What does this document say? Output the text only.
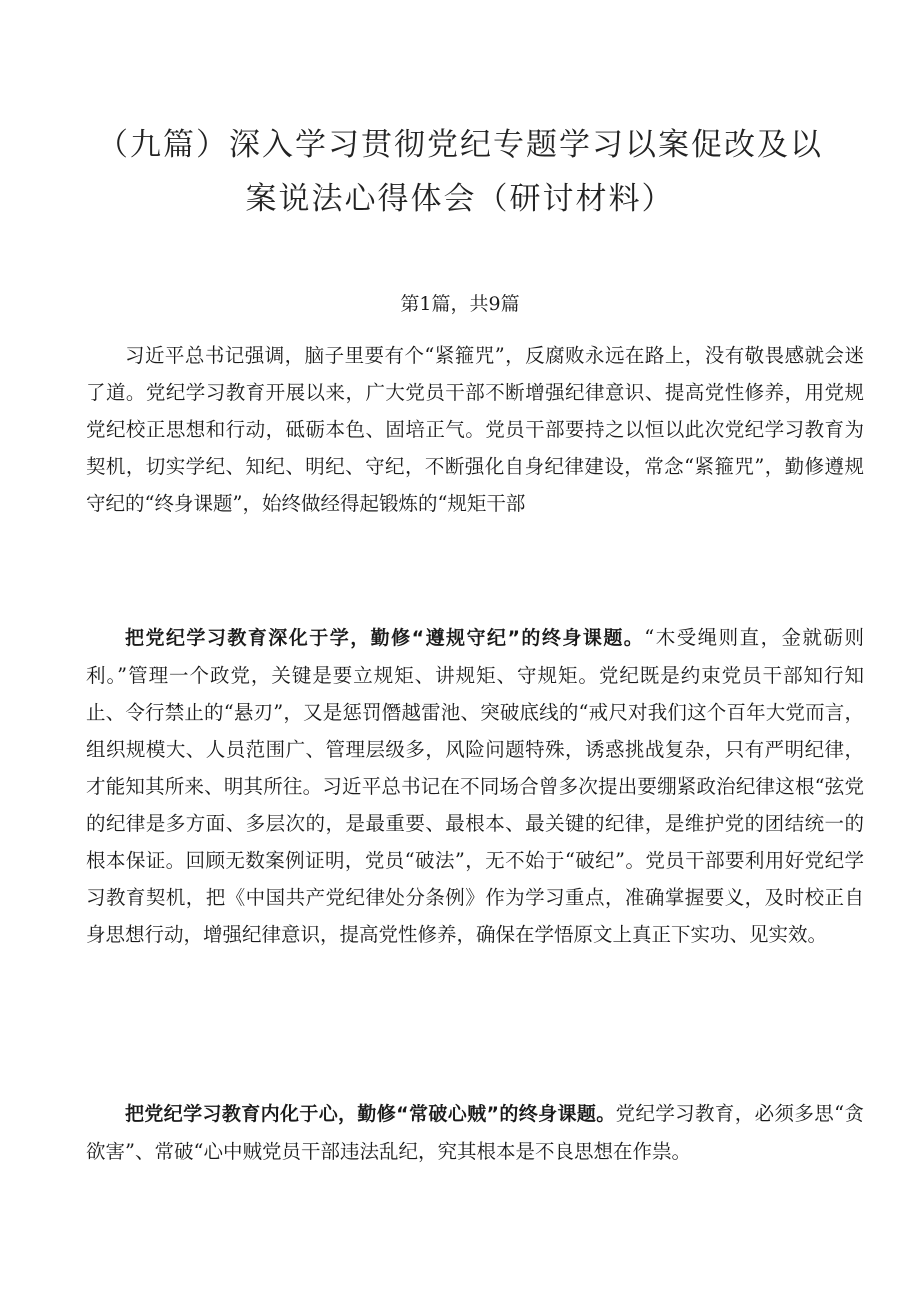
（九篇）深入学习贯彻党纪专题学习以案促改及以
案说法心得体会（研讨材料）
第1篇，共9篇

习近平总书记强调，脑子里要有个“紧箍咒”，反腐败永远在路上，没有敬畏感就会迷了道。党纪学习教育开展以来，广大党员干部不断增强纪律意识、提高党性修养，用党规党纪校正思想和行动，砥砺本色、固培正气。党员干部要持之以恒以此次党纪学习教育为契机，切实学纪、知纪、明纪、守纪，不断强化自身纪律建设，常念“紧箍咒”，勤修遵规守纪的“终身课题”，始终做经得起锻炼的“规矩干部

把党纪学习教育深化于学，勤修“遵规守纪”的终身课题。“木受绳则直，金就砺则利。”管理一个政党，关键是要立规矩、讲规矩、守规矩。党纪既是约束党员干部知行知止、令行禁止的“悬刃”，又是惩罚僭越雷池、突破底线的“戒尺对我们这个百年大党而言，组织规模大、人员范围广、管理层级多，风险问题特殊，诱惑挑战复杂，只有严明纪律，才能知其所来、明其所往。习近平总书记在不同场合曾多次提出要绷紧政治纪律这根“弦党的纪律是多方面、多层次的，是最重要、最根本、最关键的纪律，是维护党的团结统一的根本保证。回顾无数案例证明，党员“破法”，无不始于“破纪”。党员干部要利用好党纪学习教育契机，把《中国共产党纪律处分条例》作为学习重点，准确掌握要义，及时校正自身思想行动，增强纪律意识，提高党性修养，确保在学悟原文上真正下实功、见实效。

把党纪学习教育内化于心，勤修“常破心贼”的终身课题。党纪学习教育，必须多思“贪欲害”、常破“心中贼党员干部违法乱纪，究其根本是不良思想在作祟。
